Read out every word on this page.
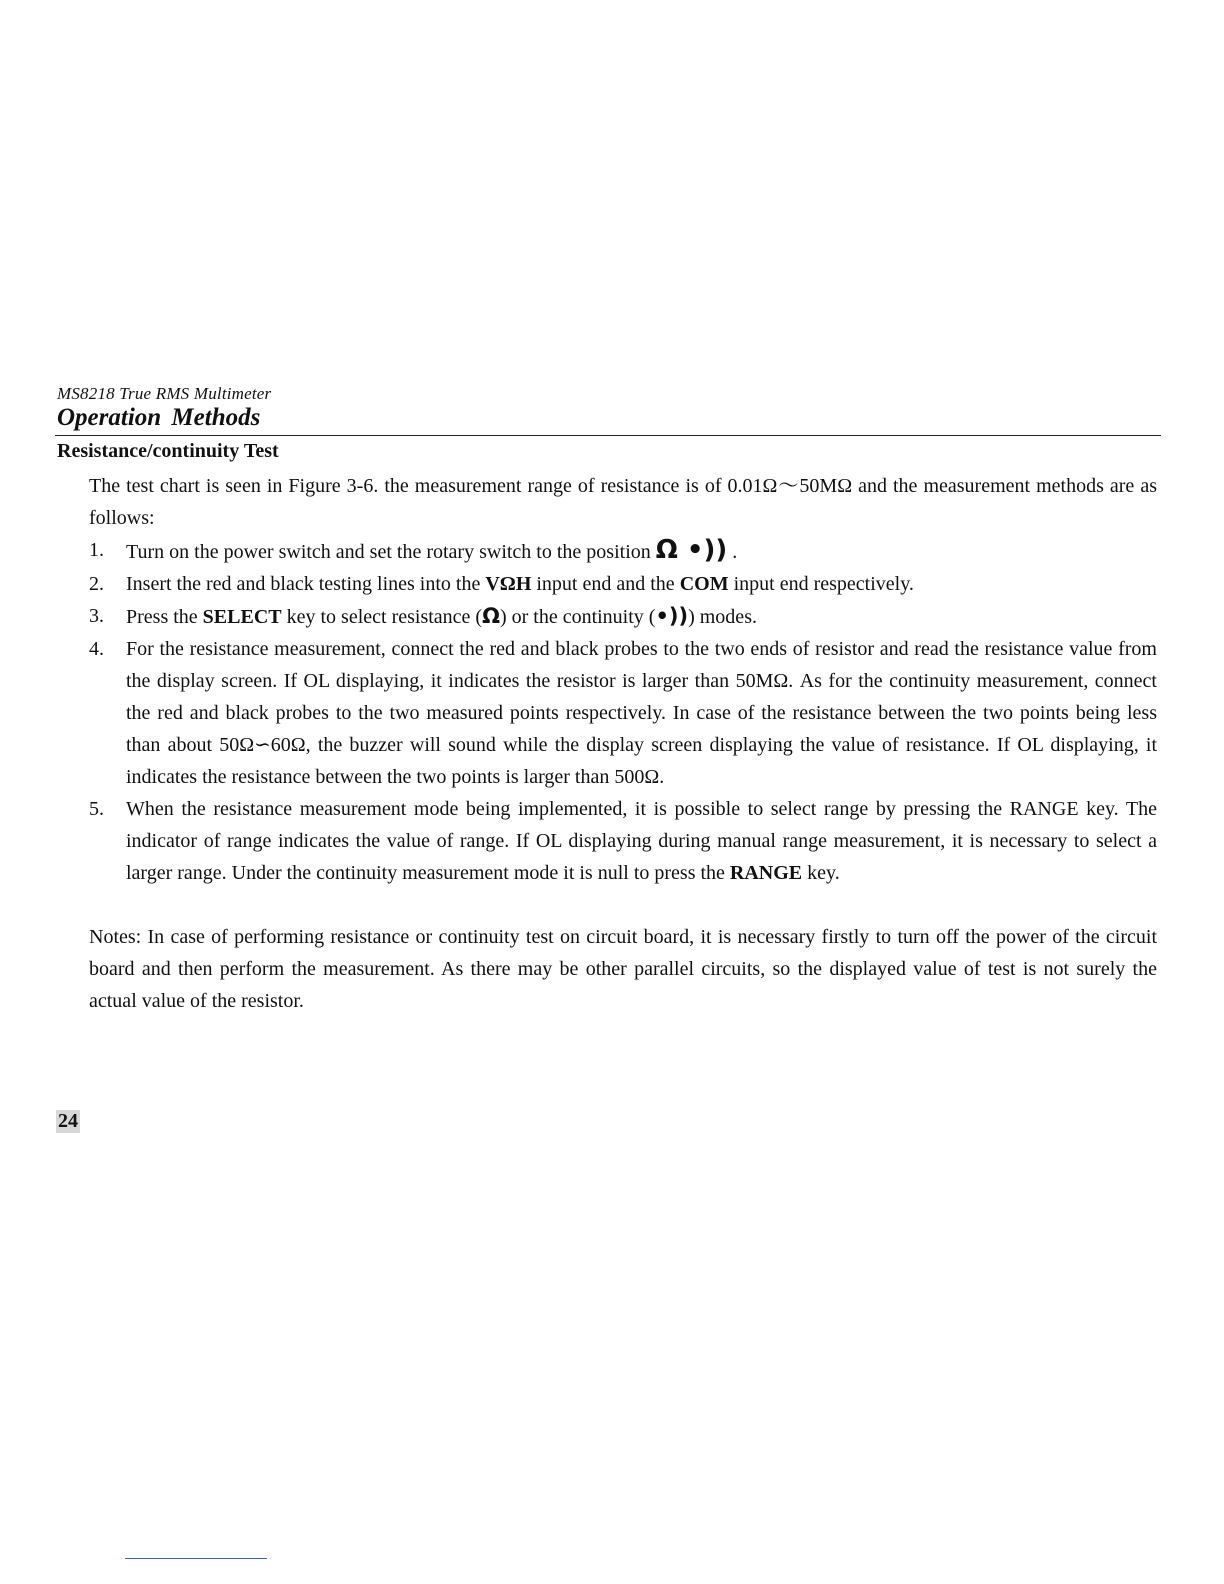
MS8218 True RMS Multimeter
Operation Methods
Resistance/continuity Test

The test chart is seen in Figure 3-6. the measurement range of resistance is of 0.01Ω～50MΩ and the measurement methods are as follows:

1. Turn on the power switch and set the rotary switch to the position Ω •)) .
2. Insert the red and black testing lines into the VΩH input end and the COM input end respectively.
3. Press the SELECT key to select resistance (Ω) or the continuity (•))) modes.
4. For the resistance measurement, connect the red and black probes to the two ends of resistor and read the resistance value from the display screen. If OL displaying, it indicates the resistor is larger than 50MΩ. As for the continuity measurement, connect the red and black probes to the two measured points respectively. In case of the resistance between the two points being less than about 50Ω∽60Ω, the buzzer will sound while the display screen displaying the value of resistance. If OL displaying, it indicates the resistance between the two points is larger than 500Ω.
5. When the resistance measurement mode being implemented, it is possible to select range by pressing the RANGE key. The indicator of range indicates the value of range. If OL displaying during manual range measurement, it is necessary to select a larger range. Under the continuity measurement mode it is null to press the RANGE key.

Notes: In case of performing resistance or continuity test on circuit board, it is necessary firstly to turn off the power of the circuit board and then perform the measurement. As there may be other parallel circuits, so the displayed value of test is not surely the actual value of the resistor.

24
